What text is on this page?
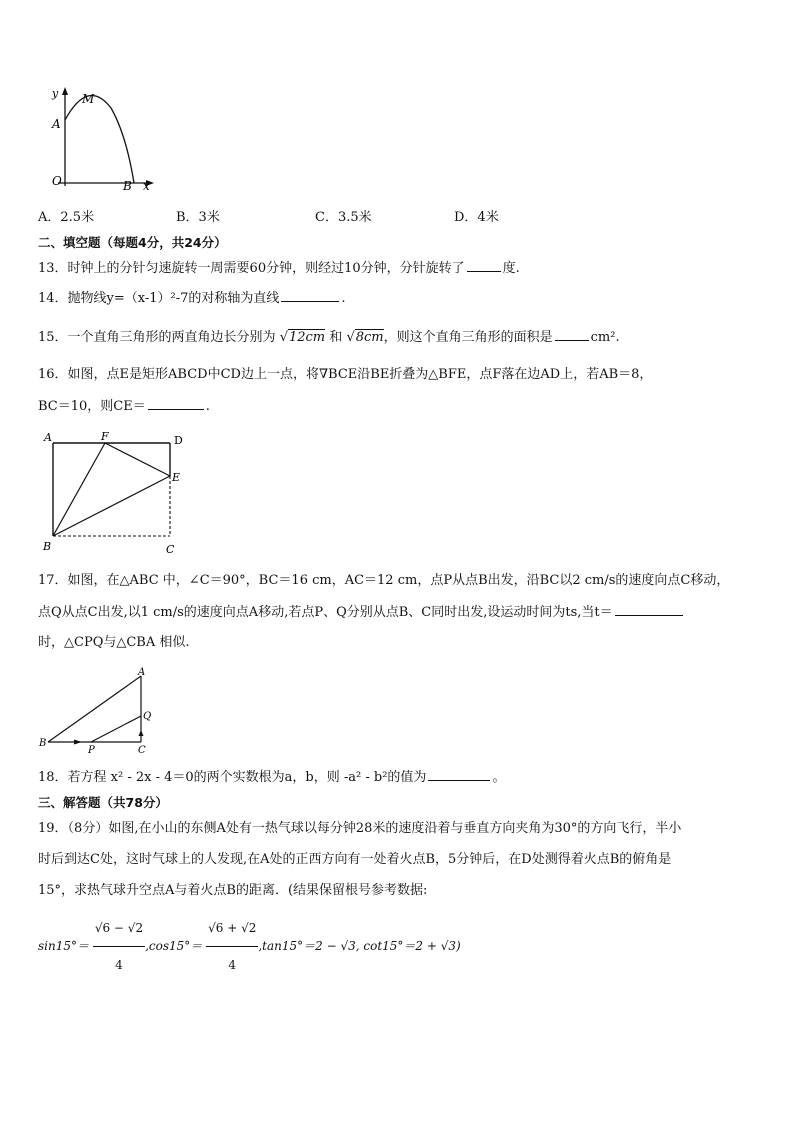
y M
A
O	B x
A．2.5米	B．3米	C．3.5米	D．4米
二、填空题（每题4分，共24分）
13．时钟上的分针匀速旋转一周需要60分钟，则经过10分钟，分针旋转了	度.
14．抛物线y=（x-1）²-7的对称轴为直线	.
15．一个直角三角形的两直角边长分别为 √12cm 和 √8cm，则这个直角三角形的面积是	cm².
16．如图，点E是矩形ABCD中CD边上一点，将∇BCE沿BE折叠为△BFE，点F落在边AD上，若AB＝8，
BC＝10，则CE＝	.
A	F	D
E
B	C
17．如图，在△ABC 中，∠C＝90°，BC＝16 cm，AC＝12 cm，点P从点B出发，沿BC以2 cm/s的速度向点C移动，
点Q从点C出发,以1 cm/s的速度向点A移动,若点P、Q分别从点B、C同时出发,设运动时间为ts,当t＝
时，△CPQ与△CBA 相似.
A
Q
B
P	C
18．若方程 x² - 2x - 4＝0的两个实数根为a，b，则 -a² - b²的值为	。
三、解答题（共78分）
19．（8分）如图,在小山的东侧A处有一热气球以每分钟28米的速度沿着与垂直方向夹角为30°的方向飞行，半小
时后到达C处，这时气球上的人发现,在A处的正西方向有一处着火点B，5分钟后，在D处测得着火点B的俯角是
15°，求热气球升空点A与着火点B的距离．(结果保留根号参考数据:
$\sin 15^\circ= \frac{√6 - √2}{4} ,\cos 15^\circ= \frac{√6 + √2}{4} ,\tan 15^\circ=2 - √3$, cot15°＝2 + √3)
